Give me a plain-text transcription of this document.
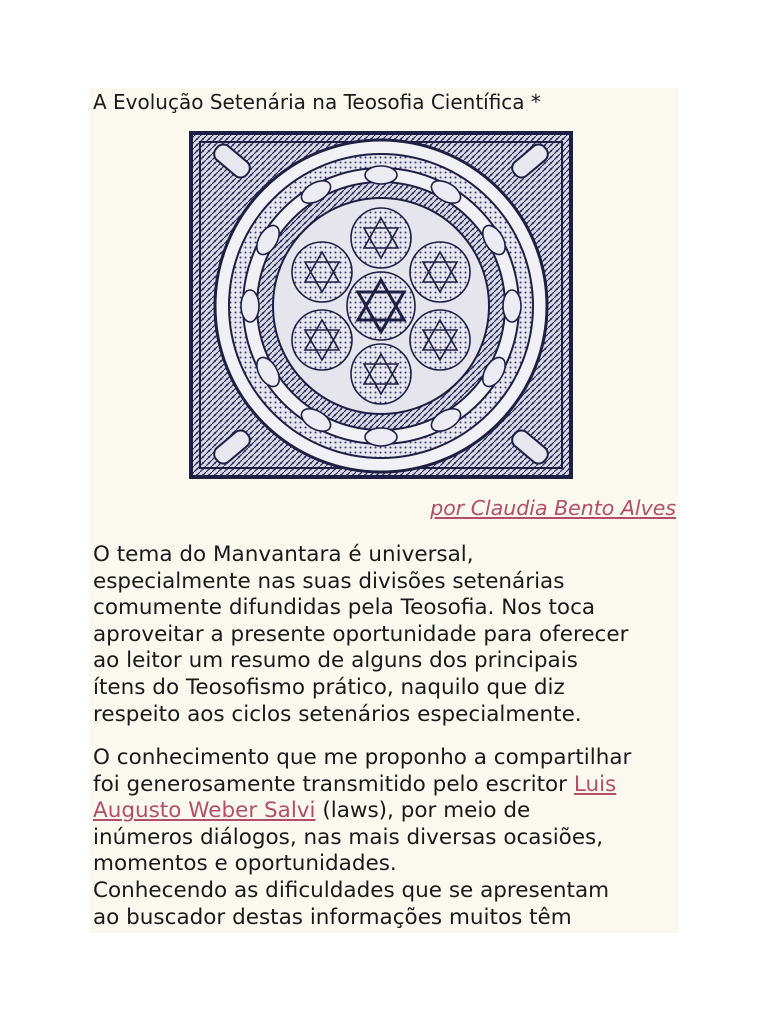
A Evolução Setenária na Teosofia Científica *
por Claudia Bento Alves

O tema do Manvantara é universal,
especialmente nas suas divisões setenárias
comumente difundidas pela Teosofia. Nos toca
aproveitar a presente oportunidade para oferecer
ao leitor um resumo de alguns dos principais
ítens do Teosofismo prático, naquilo que diz
respeito aos ciclos setenários especialmente.

O conhecimento que me proponho a compartilhar
foi generosamente transmitido pelo escritor Luis
Augusto Weber Salvi (laws), por meio de
inúmeros diálogos, nas mais diversas ocasiões,
momentos e oportunidades.
Conhecendo as dificuldades que se apresentam
ao buscador destas informações muitos têm
